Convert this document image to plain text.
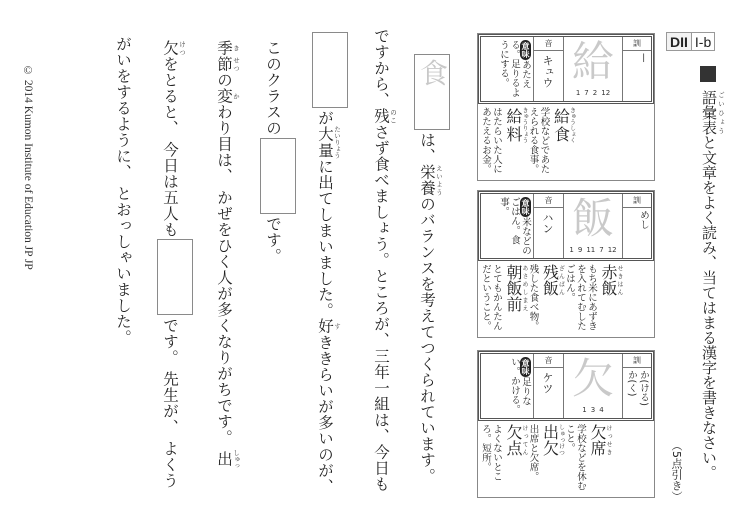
DII I-b
語彙表 ごいひょうと文章をよく読み、当てはまる漢字を書きなさい。
（5点引き）
訓
—
給
1 7 2 12
音
キュウ
意味あたえる。足りるようにする。
給食きゅうしょく
学校などであたえられる食事。
給料きゅうりょう
はたらいた人にあたえるお金。
訓
めし
飯
1 9 11 7 12
音
ハン
意味米などのごはん。食事。
赤飯せきはん
もち米にあずきを入れてむしたごはん。
残飯ざんぱん
残した食べ物。
朝飯前あさめしまえ
とてもかんたんだということ。
訓
か(ける)
か(く)
欠
1 3 4
音
ケツ
意味足りない。かける。
欠席けっせき
学校などを休むこと。
出欠しゅっけつ
出席と欠席。
欠点けってん
よくないところ。短所。
食
は、栄養 えいようのバランスを考えてつくられています。
ですから、残 のこさず食べましょう。ところが、三年一組は、今日も
が大量 たいりょうに出てしまいました。好 すききらいが多いのが、
このクラスの
です。
季 き節 せつの変 かわり目は、 かぜをひく人が多くなりがちです。 出 しゅっ
欠 けつをとると、 今日は五人も
です。 先生が、 よくう
がいをするように、 とおっしゃいました。
© 2014 Kumon Institute of Education JP JP
